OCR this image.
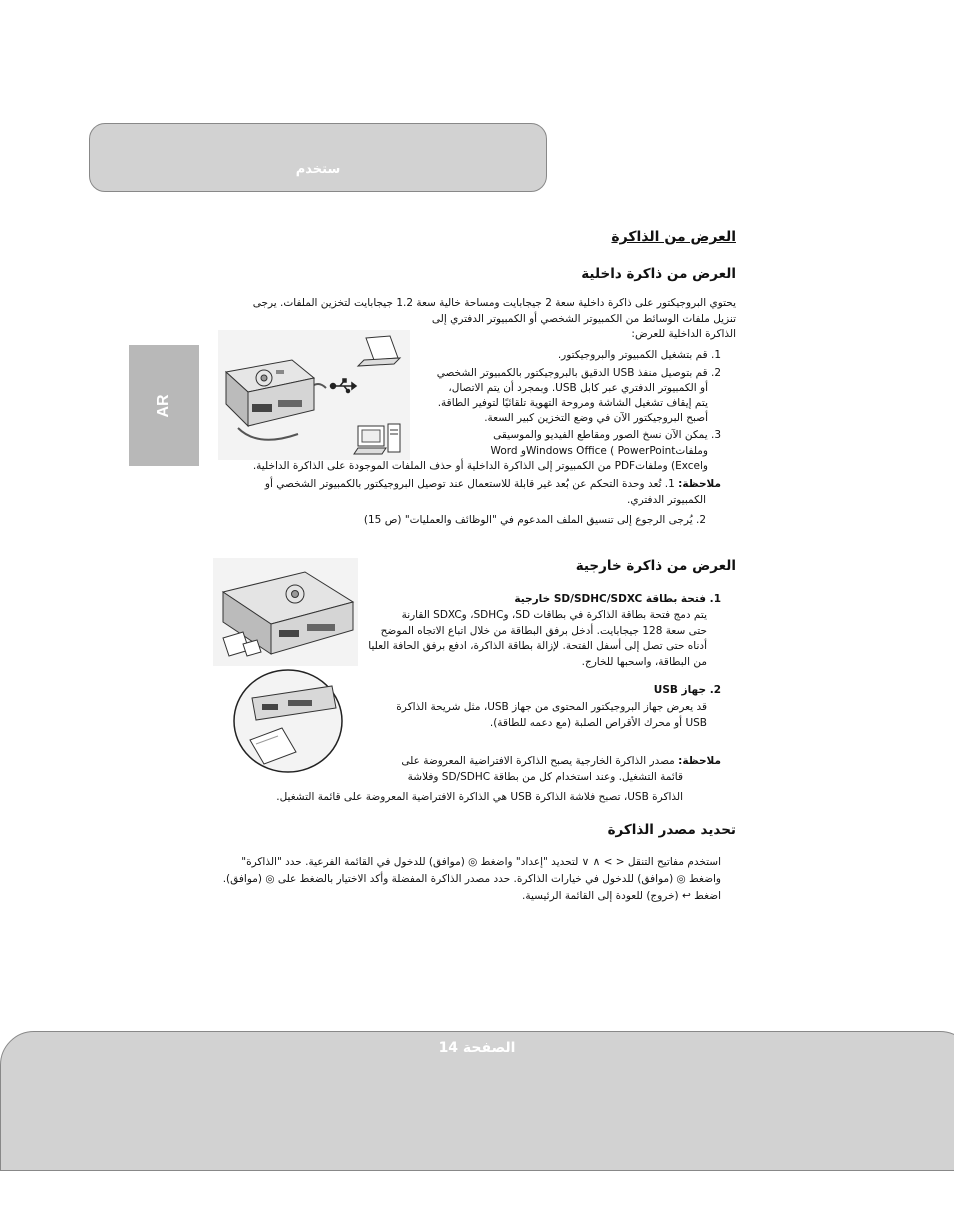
ستخدم
AR
العرض من الذاكرة
العرض من ذاكرة داخلية
يحتوي البروجيكتور على ذاكرة داخلية سعة 2 جيجابايت ومساحة خالية سعة 1.2 جيجابايت لتخزين الملفات. يرجى
تنزيل ملفات الوسائط من الكمبيوتر الشخصي أو الكمبيوتر الدفتري إلى
الذاكرة الداخلية للعرض:
1. قم بتشغيل الكمبيوتر والبروجيكتور.
2. قم بتوصيل منفذ USB الدقيق بالبروجيكتور بالكمبيوتر الشخصي
أو الكمبيوتر الدفتري عبر كابل USB. وبمجرد أن يتم الاتصال،
يتم إيقاف تشغيل الشاشة ومروحة التهوية تلقائيًا لتوفير الطاقة.
أصبح البروجيكتور الآن في وضع التخزين كبير السعة.
3. يمكن الآن نسخ الصور ومقاطع الفيديو والموسيقى
وملفاتWindows Office ( PowerPointو Word
وExcel) وملفاتPDF من الكمبيوتر إلى الذاكرة الداخلية أو حذف الملفات الموجودة على الذاكرة الداخلية.
ملاحظة: 1. تُعد وحدة التحكم عن بُعد غير قابلة للاستعمال عند توصيل البروجيكتور بالكمبيوتر الشخصي أو
الكمبيوتر الدفتري.
2. يُرجى الرجوع إلى تنسيق الملف المدعوم في "الوظائف والعمليات" (ص 15)
العرض من ذاكرة خارجية
1. فتحة بطاقة SD/SDHC/SDXC خارجية
يتم دمج فتحة بطاقة الذاكرة في بطاقات SD، وSDHC، وSDXC القارنة
حتى سعة 128 جيجابايت. أدخل برفق البطاقة من خلال اتباع الاتجاه الموضح
أدناه حتى تصل إلى أسفل الفتحة. لإزالة بطاقة الذاكرة، ادفع برفق الحافة العليا
من البطاقة، واسحبها للخارج.
2. جهاز USB
قد يعرض جهاز البروجيكتور المحتوى من جهاز USB، مثل شريحة الذاكرة
USB أو محرك الأقراص الصلبة (مع دعمه للطاقة).
ملاحظة: مصدر الذاكرة الخارجية يصبح الذاكرة الافتراضية المعروضة على
قائمة التشغيل. وعند استخدام كل من بطاقة SD/SDHC وفلاشة
الذاكرة USB، تصبح فلاشة الذاكرة USB هي الذاكرة الافتراضية المعروضة على قائمة التشغيل.
تحديد مصدر الذاكرة
استخدم مفاتيح التنقل < > ∧ ∨ لتحديد "إعداد" واضغط ◎ (موافق) للدخول في القائمة الفرعية. حدد "الذاكرة"
واضغط ◎ (موافق) للدخول في خيارات الذاكرة. حدد مصدر الذاكرة المفضلة وأكد الاختيار بالضغط على ◎ (موافق).
اضغط ↩ (خروج) للعودة إلى القائمة الرئيسية.
الصفحة 14
